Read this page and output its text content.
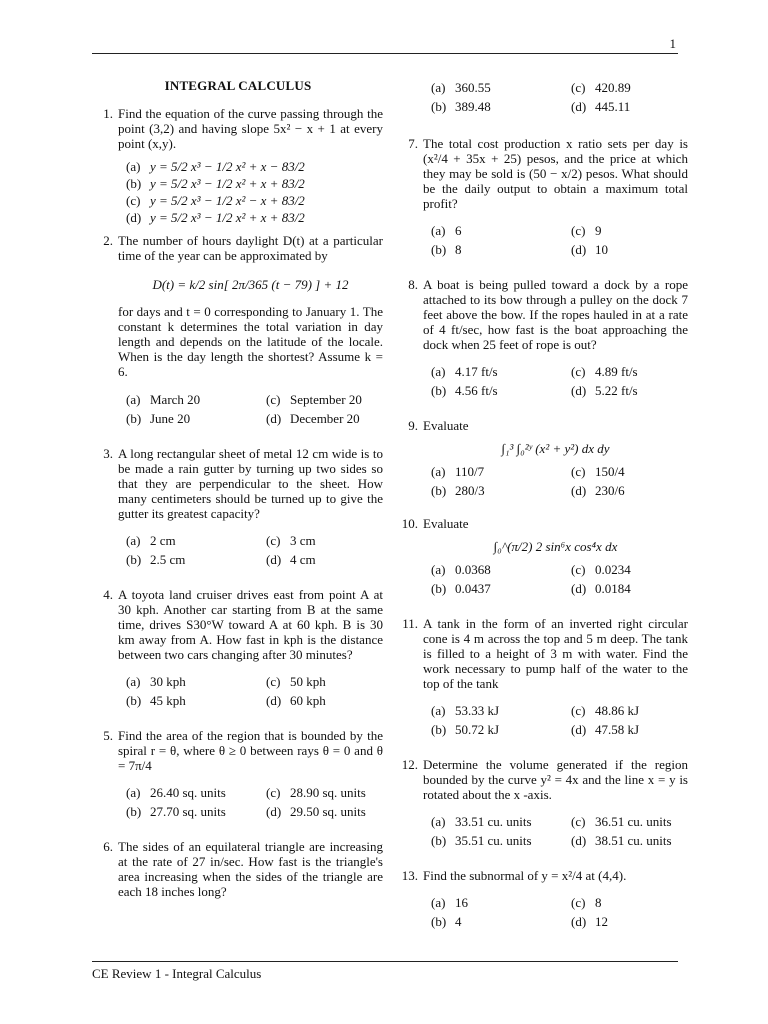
1
INTEGRAL CALCULUS
1. Find the equation of the curve passing through the point (3,2) and having slope 5x² − x + 1 at every point (x,y).

(a) y = 5/2 x³ − 1/2 x² + x − 83/2
(b) y = 5/2 x³ − 1/2 x² + x + 83/2
(c) y = 5/2 x³ − 1/2 x² − x + 83/2
(d) y = 5/2 x³ − 1/2 x² + x + 83/2
2. The number of hours daylight D(t) at a particular time of the year can be approximated by

D(t) = k/2 sin[ 2π/365 (t − 79) ] + 12

for days and t = 0 corresponding to January 1. The constant k determines the total variation in day length and depends on the latitude of the locale. When is the day length the shortest? Assume k = 6.

(a) March 20	(c) September 20
(b) June 20	(d) December 20
3. A long rectangular sheet of metal 12 cm wide is to be made a rain gutter by turning up two sides so that they are perpendicular to the sheet. How many centimeters should be turned up to give the gutter its greatest capacity?

(a) 2 cm	(c) 3 cm
(b) 2.5 cm	(d) 4 cm
4. A toyota land cruiser drives east from point A at 30 kph. Another car starting from B at the same time, drives S30°W toward A at 60 kph. B is 30 km away from A. How fast in kph is the distance between two cars changing after 30 minutes?

(a) 30 kph	(c) 50 kph
(b) 45 kph	(d) 60 kph
5. Find the area of the region that is bounded by the spiral r = θ, where θ ≥ 0 between rays θ = 0 and θ = 7π/4

(a) 26.40 sq. units	(c) 28.90 sq. units
(b) 27.70 sq. units	(d) 29.50 sq. units
6. The sides of an equilateral triangle are increasing at the rate of 27 in/sec. How fast is the triangle's area increasing when the sides of the triangle are each 18 inches long?

(a) 360.55	(c) 420.89
(b) 389.48	(d) 445.11
7. The total cost production x ratio sets per day is (x²/4 + 35x + 25) pesos, and the price at which they may be sold is (50 − x/2) pesos. What should be the daily output to obtain a maximum total profit?

(a) 6	(c) 9
(b) 8	(d) 10
8. A boat is being pulled toward a dock by a rope attached to its bow through a pulley on the dock 7 feet above the bow. If the ropes hauled in at a rate of 4 ft/sec, how fast is the boat approaching the dock when 25 feet of rope is out?

(a) 4.17 ft/s	(c) 4.89 ft/s
(b) 4.56 ft/s	(d) 5.22 ft/s
9. Evaluate

∫₁³ ∫₀²ʸ (x² + y²) dx dy
(a) 110/7	(c) 150/4
(b) 280/3	(d) 230/6
10. Evaluate

∫₀^(π/2) 2 sin⁶x cos⁴x dx
(a) 0.0368	(c) 0.0234
(b) 0.0437	(d) 0.0184
11. A tank in the form of an inverted right circular cone is 4 m across the top and 5 m deep. The tank is filled to a height of 3 m with water. Find the work necessary to pump half of the water to the top of the tank

(a) 53.33 kJ	(c) 48.86 kJ
(b) 50.72 kJ	(d) 47.58 kJ
12. Determine the volume generated if the region bounded by the curve y² = 4x and the line x = y is rotated about the x -axis.

(a) 33.51 cu. units	(c) 36.51 cu. units
(b) 35.51 cu. units	(d) 38.51 cu. units
13. Find the subnormal of y = x²/4 at (4,4).

(a) 16	(c) 8
(b) 4	(d) 12
CE Review 1 - Integral Calculus
